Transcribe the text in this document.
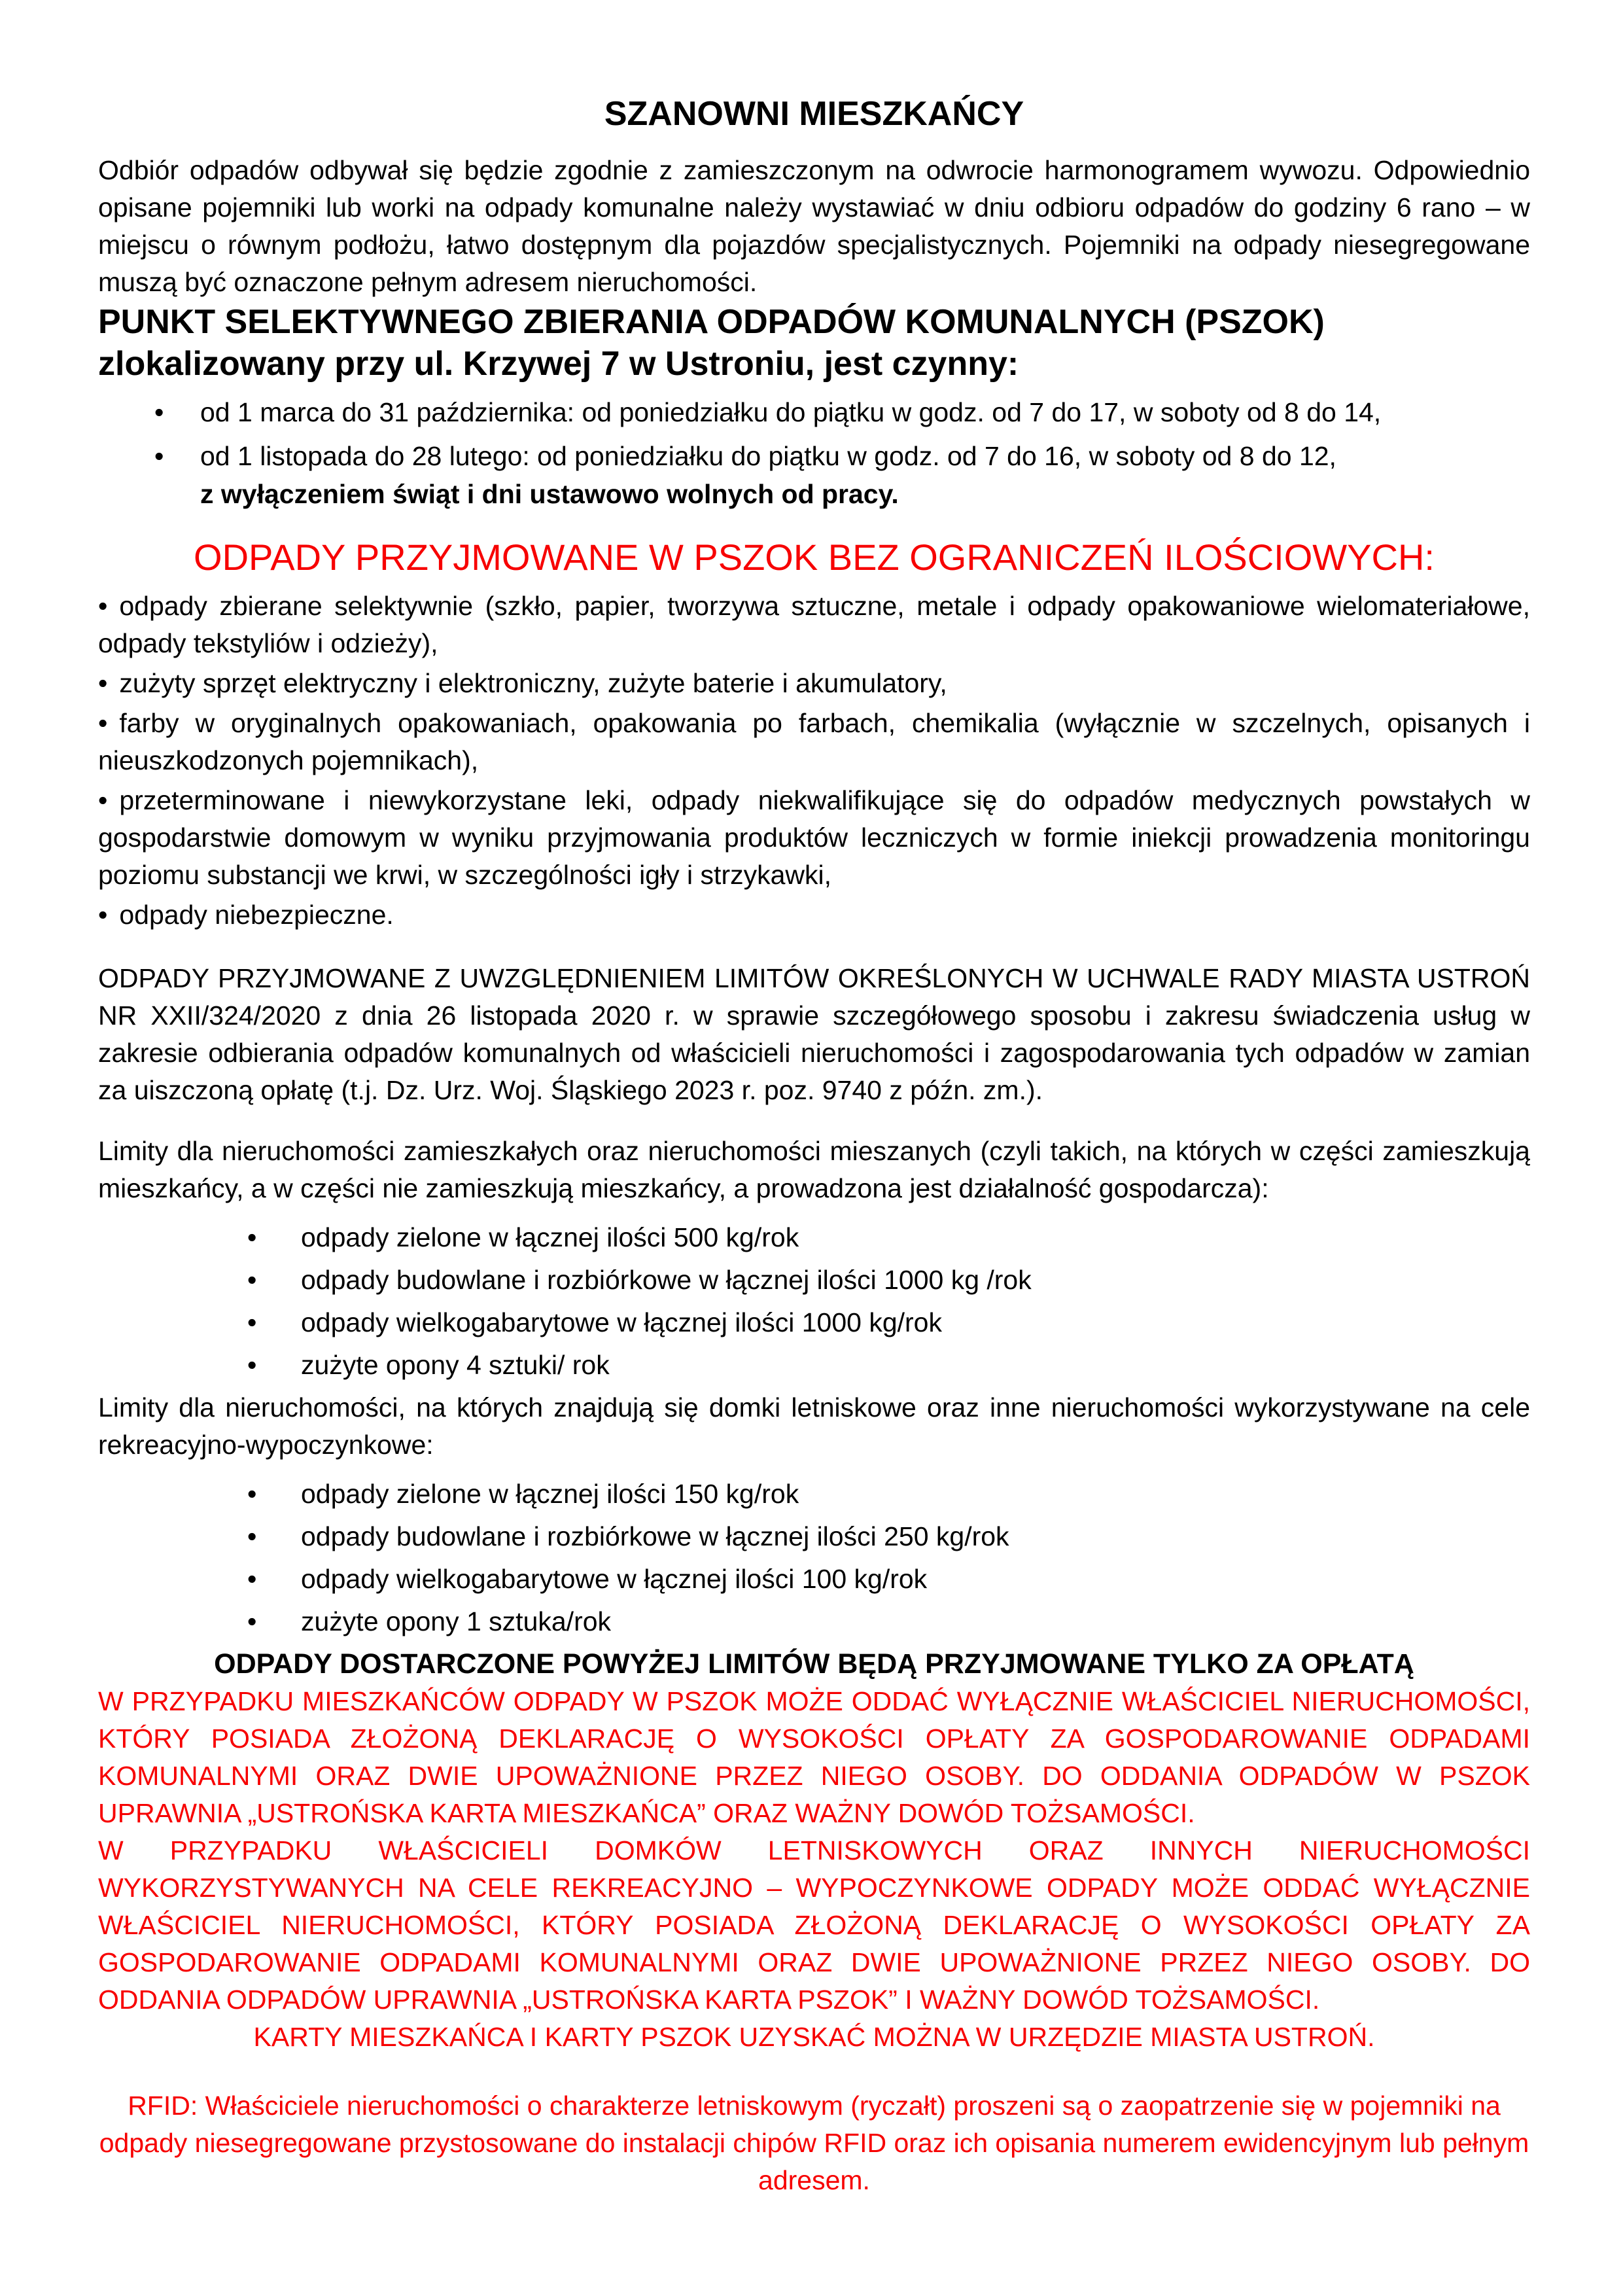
SZANOWNI MIESZKAŃCY

Odbiór odpadów odbywał się będzie zgodnie z zamieszczonym na odwrocie harmonogramem wywozu. Odpowiednio opisane pojemniki lub worki na odpady komunalne należy wystawiać w dniu odbioru odpadów do godziny 6 rano – w miejscu o równym podłożu, łatwo dostępnym dla pojazdów specjalistycznych. Pojemniki na odpady niesegregowane muszą być oznaczone pełnym adresem nieruchomości.

PUNKT SELEKTYWNEGO ZBIERANIA ODPADÓW KOMUNALNYCH (PSZOK) zlokalizowany przy ul. Krzywej 7 w Ustroniu, jest czynny:
• od 1 marca do 31 października: od poniedziałku do piątku w godz. od 7 do 17, w soboty od 8 do 14,
• od 1 listopada do 28 lutego: od poniedziałku do piątku w godz. od 7 do 16, w soboty od 8 do 12,
z wyłączeniem świąt i dni ustawowo wolnych od pracy.
ODPADY PRZYJMOWANE W PSZOK BEZ OGRANICZEŃ ILOŚCIOWYCH:

• odpady zbierane selektywnie (szkło, papier, tworzywa sztuczne, metale i odpady opakowaniowe wielomateriałowe, odpady tekstyliów i odzieży),

• zużyty sprzęt elektryczny i elektroniczny, zużyte baterie i akumulatory,

• farby w oryginalnych opakowaniach, opakowania po farbach, chemikalia (wyłącznie w szczelnych, opisanych i nieuszkodzonych pojemnikach),

• przeterminowane i niewykorzystane leki, odpady niekwalifikujące się do odpadów medycznych powstałych w gospodarstwie domowym w wyniku przyjmowania produktów leczniczych w formie iniekcji prowadzenia monitoringu poziomu substancji we krwi, w szczególności igły i strzykawki,

• odpady niebezpieczne.

ODPADY PRZYJMOWANE Z UWZGLĘDNIENIEM LIMITÓW OKREŚLONYCH W UCHWALE RADY MIASTA USTROŃ NR XXII/324/2020 z dnia 26 listopada 2020 r. w sprawie szczegółowego sposobu i zakresu świadczenia usług w zakresie odbierania odpadów komunalnych od właścicieli nieruchomości i zagospodarowania tych odpadów w zamian za uiszczoną opłatę (t.j. Dz. Urz. Woj. Śląskiego 2023 r. poz. 9740 z późn. zm.).

Limity dla nieruchomości zamieszkałych oraz nieruchomości mieszanych (czyli takich, na których w części zamieszkują mieszkańcy, a w części nie zamieszkują mieszkańcy, a prowadzona jest działalność gospodarcza):

• odpady zielone w łącznej ilości 500 kg/rok
• odpady budowlane i rozbiórkowe w łącznej ilości 1000 kg /rok
• odpady wielkogabarytowe w łącznej ilości 1000 kg/rok
• zużyte opony 4 sztuki/ rok

Limity dla nieruchomości, na których znajdują się domki letniskowe oraz inne nieruchomości wykorzystywane na cele rekreacyjno-wypoczynkowe:

• odpady zielone w łącznej ilości 150 kg/rok
• odpady budowlane i rozbiórkowe w łącznej ilości 250 kg/rok
• odpady wielkogabarytowe w łącznej ilości 100 kg/rok
• zużyte opony 1 sztuka/rok

ODPADY DOSTARCZONE POWYŻEJ LIMITÓW BĘDĄ PRZYJMOWANE TYLKO ZA OPŁATĄ

W PRZYPADKU MIESZKAŃCÓW ODPADY W PSZOK MOŻE ODDAĆ WYŁĄCZNIE WŁAŚCICIEL NIERUCHOMOŚCI, KTÓRY POSIADA ZŁOŻONĄ DEKLARACJĘ O WYSOKOŚCI OPŁATY ZA GOSPODAROWANIE ODPADAMI KOMUNALNYMI ORAZ DWIE UPOWAŻNIONE PRZEZ NIEGO OSOBY. DO ODDANIA ODPADÓW W PSZOK UPRAWNIA „USTROŃSKA KARTA MIESZKAŃCA” ORAZ WAŻNY DOWÓD TOŻSAMOŚCI.

W PRZYPADKU WŁAŚCICIELI DOMKÓW LETNISKOWYCH ORAZ INNYCH NIERUCHOMOŚCI WYKORZYSTYWANYCH NA CELE REKREACYJNO – WYPOCZYNKOWE ODPADY MOŻE ODDAĆ WYŁĄCZNIE WŁAŚCICIEL NIERUCHOMOŚCI, KTÓRY POSIADA ZŁOŻONĄ DEKLARACJĘ O WYSOKOŚCI OPŁATY ZA GOSPODAROWANIE ODPADAMI KOMUNALNYMI ORAZ DWIE UPOWAŻNIONE PRZEZ NIEGO OSOBY. DO ODDANIA ODPADÓW UPRAWNIA „USTROŃSKA KARTA PSZOK” I WAŻNY DOWÓD TOŻSAMOŚCI.

KARTY MIESZKAŃCA I KARTY PSZOK UZYSKAĆ MOŻNA W URZĘDZIE MIASTA USTROŃ.

RFID: Właściciele nieruchomości o charakterze letniskowym (ryczałt) proszeni są o zaopatrzenie się w pojemniki na odpady niesegregowane przystosowane do instalacji chipów RFID oraz ich opisania numerem ewidencyjnym lub pełnym adresem.
